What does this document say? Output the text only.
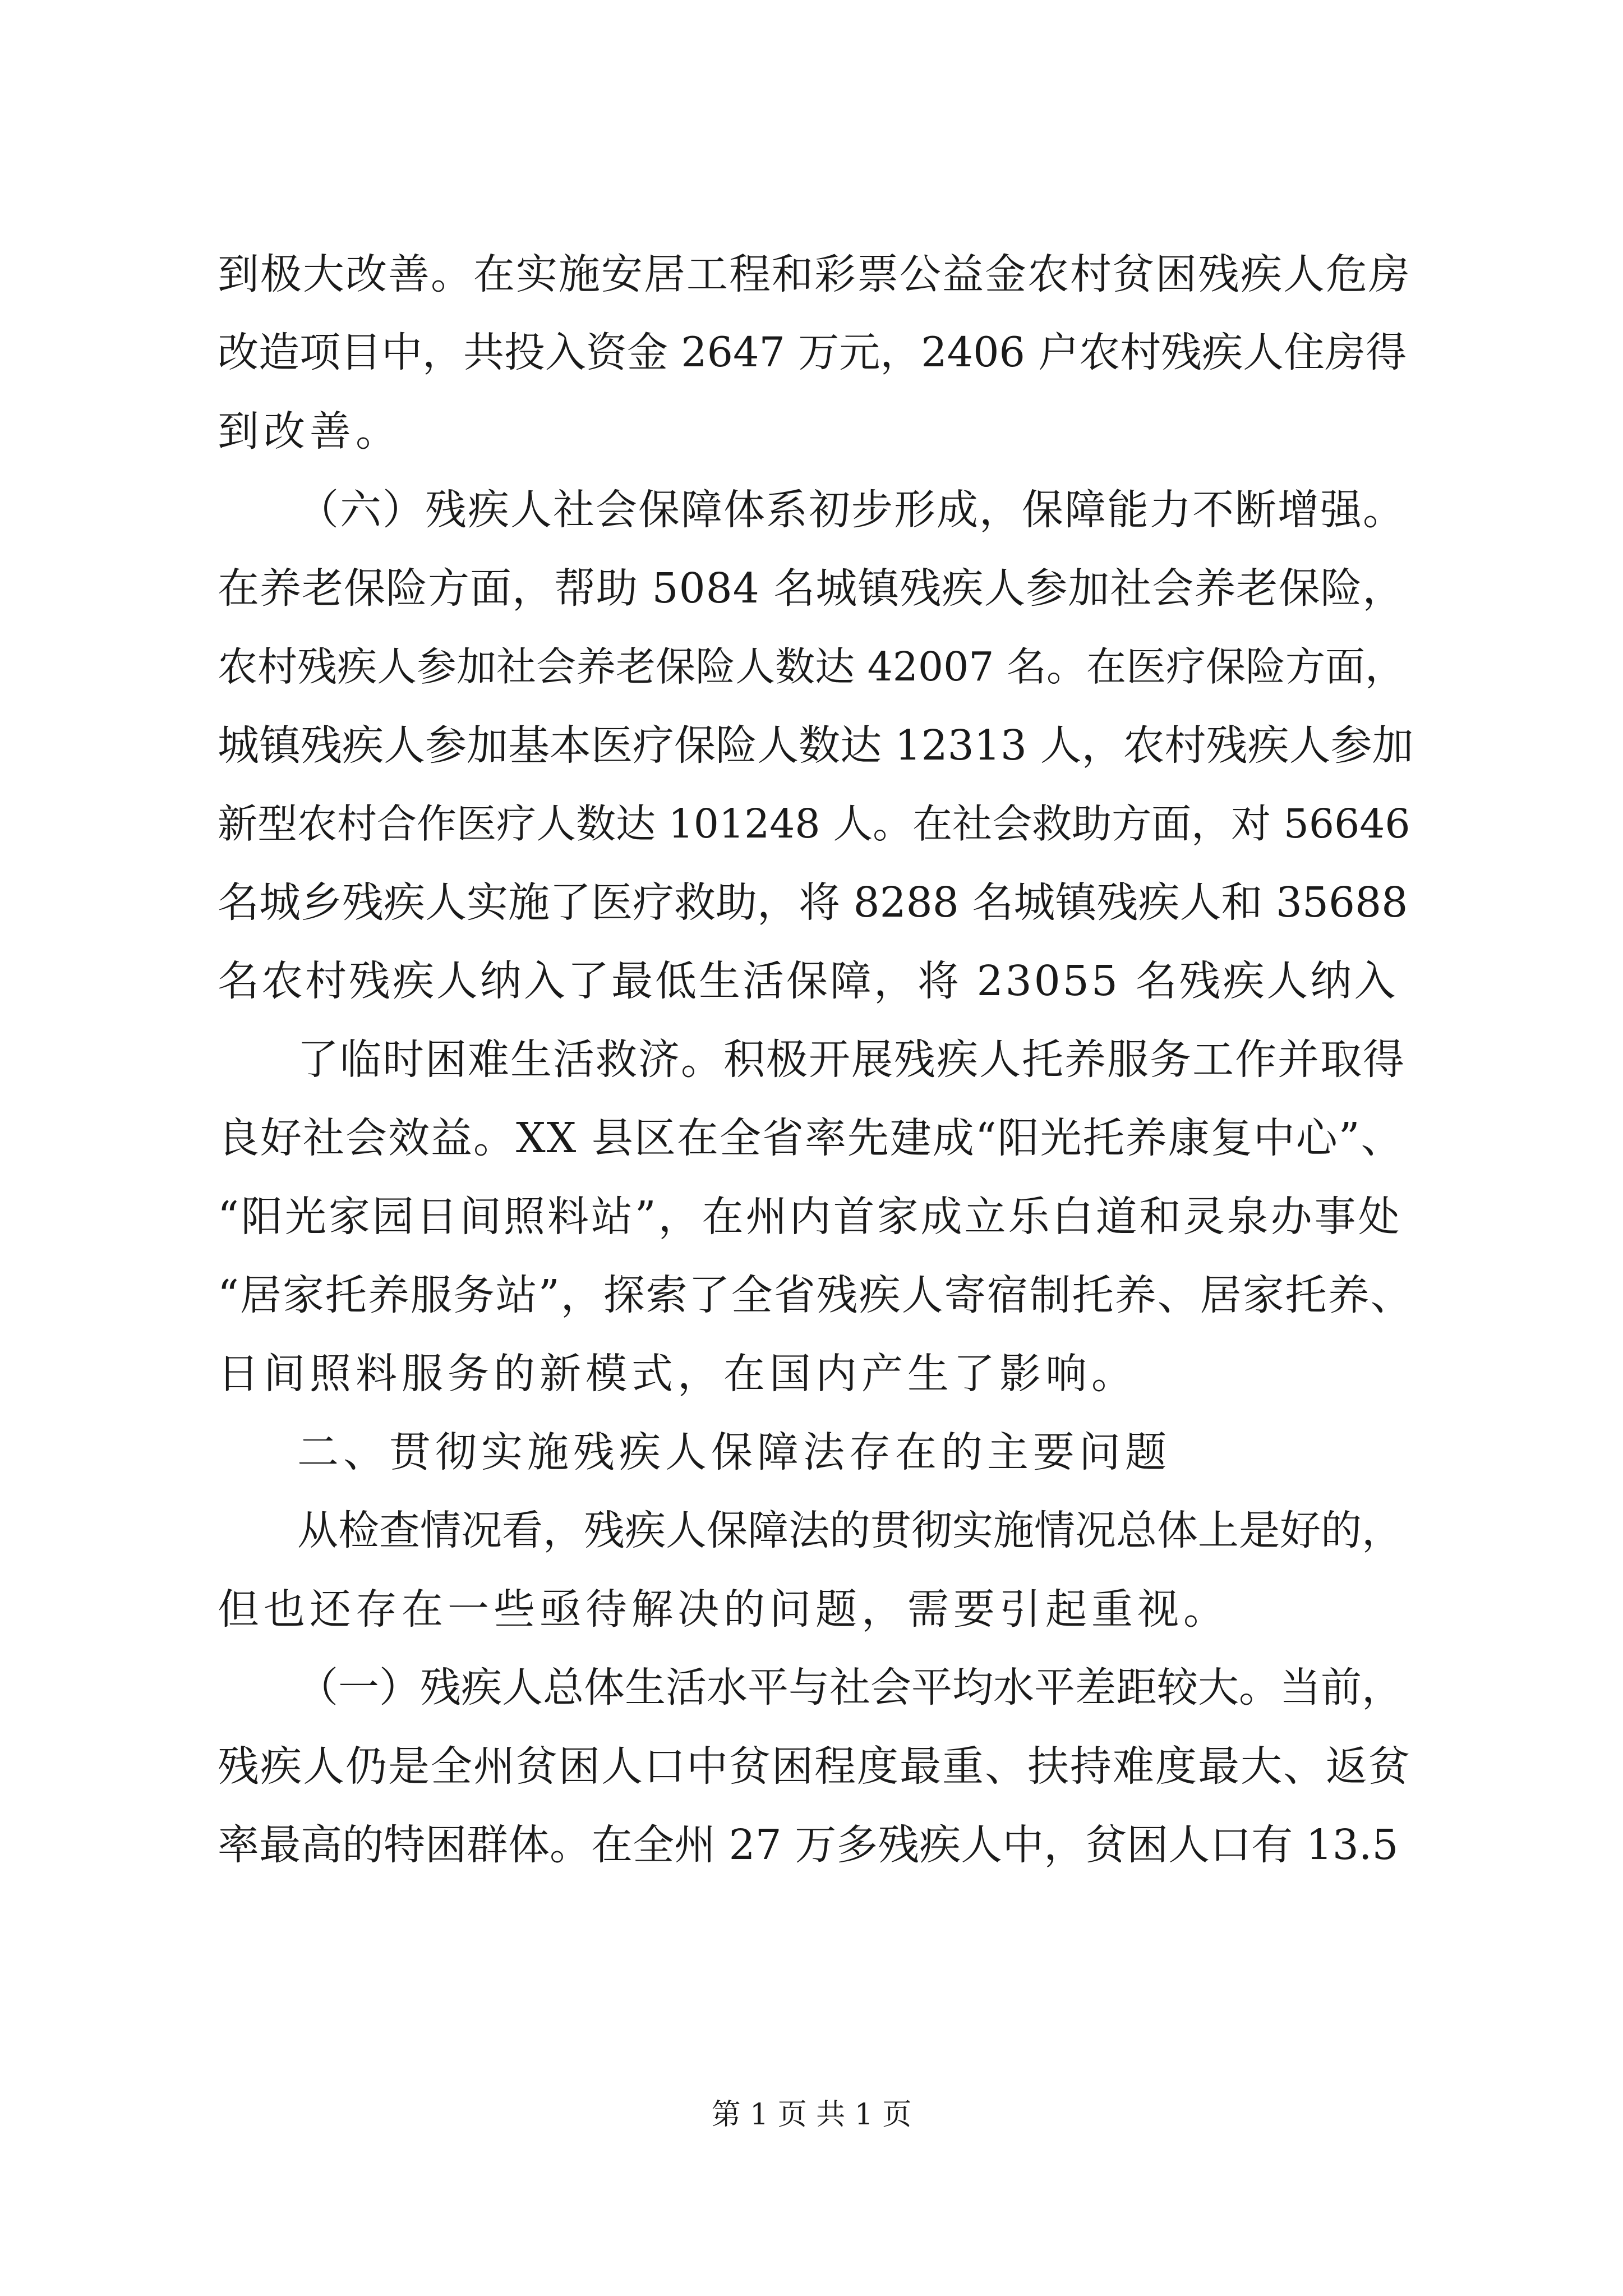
到极大改善。在实施安居工程和彩票公益金农村贫困残疾人危房
改造项目中，共投入资金 2647 万元，2406 户农村残疾人住房得
到改善。
（六）残疾人社会保障体系初步形成，保障能力不断增强。
在养老保险方面，帮助 5084 名城镇残疾人参加社会养老保险，
农村残疾人参加社会养老保险人数达 42007 名。在医疗保险方面，
城镇残疾人参加基本医疗保险人数达 12313 人，农村残疾人参加
新型农村合作医疗人数达 101248 人。在社会救助方面，对 56646
名城乡残疾人实施了医疗救助，将 8288 名城镇残疾人和 35688
名农村残疾人纳入了最低生活保障，将 23055 名残疾人纳入
了临时困难生活救济。积极开展残疾人托养服务工作并取得
良好社会效益。XX 县区在全省率先建成“阳光托养康复中心”、
“阳光家园日间照料站”，在州内首家成立乐白道和灵泉办事处
“居家托养服务站”，探索了全省残疾人寄宿制托养、居家托养、
日间照料服务的新模式，在国内产生了影响。
二、贯彻实施残疾人保障法存在的主要问题
从检查情况看，残疾人保障法的贯彻实施情况总体上是好的，
但也还存在一些亟待解决的问题，需要引起重视。
（一）残疾人总体生活水平与社会平均水平差距较大。当前，
残疾人仍是全州贫困人口中贫困程度最重、扶持难度最大、返贫
率最高的特困群体。在全州 27 万多残疾人中，贫困人口有 13.5
第 1 页 共 1 页
